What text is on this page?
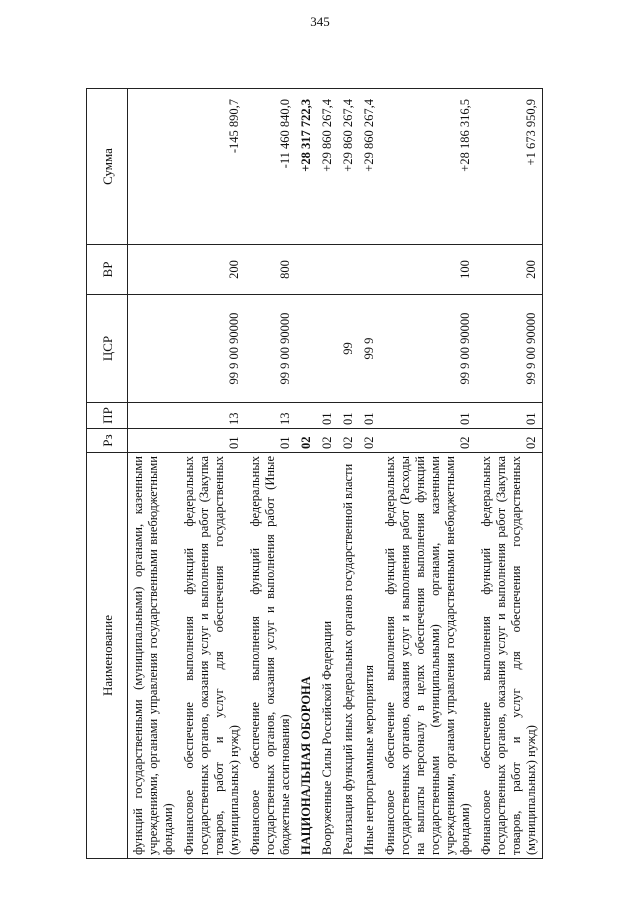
345
Наименование	Рз	ПР	ЦСР	ВР	Сумма
функций государственными (муниципальными) органами, казенными учреждениями, органами управления государственными внебюджетными фондами)					
Финансовое обеспечение выполнения функций федеральных государственных органов, оказания услуг и выполнения работ (Закупка товаров, работ и услуг для обеспечения государственных (муниципальных) нужд)	01	13	99 9 00 90000	200	-145 890,7
Финансовое обеспечение выполнения функций федеральных государственных органов, оказания услуг и выполнения работ (Иные бюджетные ассигнования)	01	13	99 9 00 90000	800	-11 460 840,0
НАЦИОНАЛЬНАЯ ОБОРОНА	02				+28 317 722,3
Вооруженные Силы Российской Федерации	02	01			+29 860 267,4
Реализация функций иных федеральных органов государственной власти	02	01	99		+29 860 267,4
Иные непрограммные мероприятия	02	01	99 9		+29 860 267,4
Финансовое обеспечение выполнения функций федеральных государственных органов, оказания услуг и выполнения работ (Расходы на выплаты персоналу в целях обеспечения выполнения функций государственными (муниципальными) органами, казенными учреждениями, органами управления государственными внебюджетными фондами)	02	01	99 9 00 90000	100	+28 186 316,5
Финансовое обеспечение выполнения функций федеральных государственных органов, оказания услуг и выполнения работ (Закупка товаров, работ и услуг для обеспечения государственных (муниципальных) нужд)	02	01	99 9 00 90000	200	+1 673 950,9
